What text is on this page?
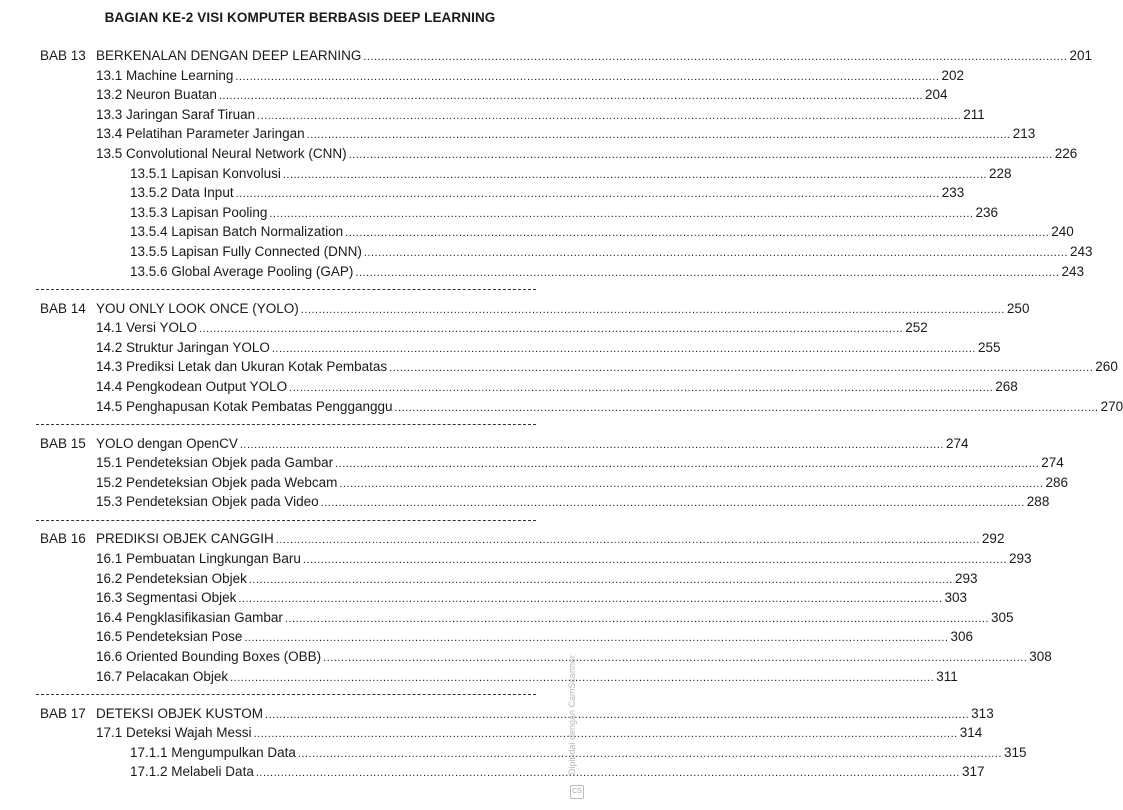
BAGIAN KE-2 VISI KOMPUTER BERBASIS DEEP LEARNING
BAB 13 BERKENALAN DENGAN DEEP LEARNING ...................................................................................................................................................................................................... 201
13.1 Machine Learning ...................................................................................................................................................................................................... 202
13.2 Neuron Buatan ...................................................................................................................................................................................................... 204
13.3 Jaringan Saraf Tiruan ...................................................................................................................................................................................................... 211
13.4 Pelatihan Parameter Jaringan ...................................................................................................................................................................................................... 213
13.5 Convolutional Neural Network (CNN) ...................................................................................................................................................................................................... 226
13.5.1 Lapisan Konvolusi ...................................................................................................................................................................................................... 228
13.5.2 Data Input ...................................................................................................................................................................................................... 233
13.5.3 Lapisan Pooling ...................................................................................................................................................................................................... 236
13.5.4 Lapisan Batch Normalization ...................................................................................................................................................................................................... 240
13.5.5 Lapisan Fully Connected (DNN) ...................................................................................................................................................................................................... 243
13.5.6 Global Average Pooling (GAP) ...................................................................................................................................................................................................... 243
BAB 14 YOU ONLY LOOK ONCE (YOLO) ...................................................................................................................................................................................................... 250
14.1 Versi YOLO ...................................................................................................................................................................................................... 252
14.2 Struktur Jaringan YOLO ...................................................................................................................................................................................................... 255
14.3 Prediksi Letak dan Ukuran Kotak Pembatas ...................................................................................................................................................................................................... 260
14.4 Pengkodean Output YOLO ...................................................................................................................................................................................................... 268
14.5 Penghapusan Kotak Pembatas Pengganggu ...................................................................................................................................................................................................... 270
BAB 15 YOLO dengan OpenCV ...................................................................................................................................................................................................... 274
15.1 Pendeteksian Objek pada Gambar ...................................................................................................................................................................................................... 274
15.2 Pendeteksian Objek pada Webcam ...................................................................................................................................................................................................... 286
15.3 Pendeteksian Objek pada Video ...................................................................................................................................................................................................... 288
BAB 16 PREDIKSI OBJEK CANGGIH ...................................................................................................................................................................................................... 292
16.1 Pembuatan Lingkungan Baru ...................................................................................................................................................................................................... 293
16.2 Pendeteksian Objek ...................................................................................................................................................................................................... 293
16.3 Segmentasi Objek ...................................................................................................................................................................................................... 303
16.4 Pengklasifikasian Gambar ...................................................................................................................................................................................................... 305
16.5 Pendeteksian Pose ...................................................................................................................................................................................................... 306
16.6 Oriented Bounding Boxes (OBB) ...................................................................................................................................................................................................... 308
16.7 Pelacakan Objek ...................................................................................................................................................................................................... 311
BAB 17 DETEKSI OBJEK KUSTOM ...................................................................................................................................................................................................... 313
17.1 Deteksi Wajah Messi ...................................................................................................................................................................................................... 314
17.1.1 Mengumpulkan Data ...................................................................................................................................................................................................... 315
17.1.2 Melabeli Data ...................................................................................................................................................................................................... 317
Dipindai dengan CamScanner
CS
